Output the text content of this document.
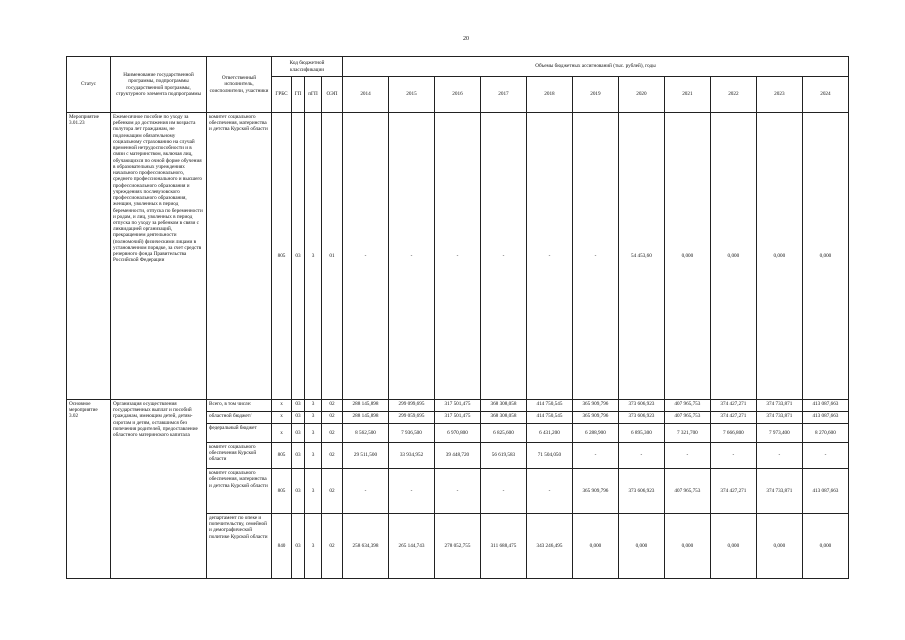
20
Статус	Наименование государственной программы, подпрограммы государственной программы, структурного элемента подпрограммы	Ответственный исполнитель, соисполнители, участники	Код бюджетной классификации				Объемы бюджетных ассигнований (тыс. рублей), годы										
			ГРБС	ГП	пГП	ОЭП	2014	2015	2016	2017	2018	2019	2020	2021	2022	2023	2024
Мероприятие 3.01.23	Ежемесячное пособие по уходу за ребенком до достижения им возраста полутора лет гражданам, не подлежащим обязательному социальному страхованию на случай временной нетрудоспособности и в связи с материнством, включая лиц, обучающихся по очной форме обучения в образовательных учреждениях начального профессионального, среднего профессионального и высшего профессионального образования и учреждениях послевузовского профессионального образования, женщин, уволенных в период беременности, отпуска по беременности и родам, и лиц, уволенных в период отпуска по уходу за ребенком в связи с ликвидацией организаций, прекращением деятельности (полномочий) физическими лицами в установленном порядке, за счет средств резервного фонда Правительства Российской Федерации	комитет социального обеспечения, материнства и детства Курской области	805	03	3	01	-	-	-	-	-	-	54 453,60	0,000	0,000	0,000	0,000
Основное мероприятие 3.02	Организация осуществления государственных выплат и пособий гражданам, имеющим детей, детям-сиротам и детям, оставшимся без попечения родителей, предоставление областного материнского капитала	Всего, в том числе:	х	03	3	02	288 145,898	299 099,695	317 501,475	368 308,058	414 750,545	365 909,796	373 606,923	407 965,753	374 427,271	374 733,871	413 087,663
		областной бюджет/	х	03	3	02	288 145,898	299 059,695	317 501,475	368 308,058	414 750,545	365 909,796	373 606,923	407 965,753	374 427,271	374 733,871	413 087,663
		федеральный бюджет	х	03	3	02	8 562,500	7 936,500	6 970,800	6 825,600	6 431,200	6 288,900	6 895,300	7 321,700	7 666,800	7 973,400	8 270,600
		комитет социального обеспечения Курской области	805	03	3	02	29 511,500	33 934,952	39 448,720	56 619,583	71 504,050	-	-	-	-	-	-
		комитет социального обеспечения, материнства и детства Курской области	805	03	3	02	-	-	-	-	-	365 909,796	373 606,923	407 965,753	374 427,271	374 733,871	413 087,663
		департамент по опеке и попечительству, семейной и демографической политике Курской области	840	03	3	02	258 634,398	265 144,743	278 052,755	311 688,475	343 246,495	0,000	0,000	0,000	0,000	0,000	0,000
